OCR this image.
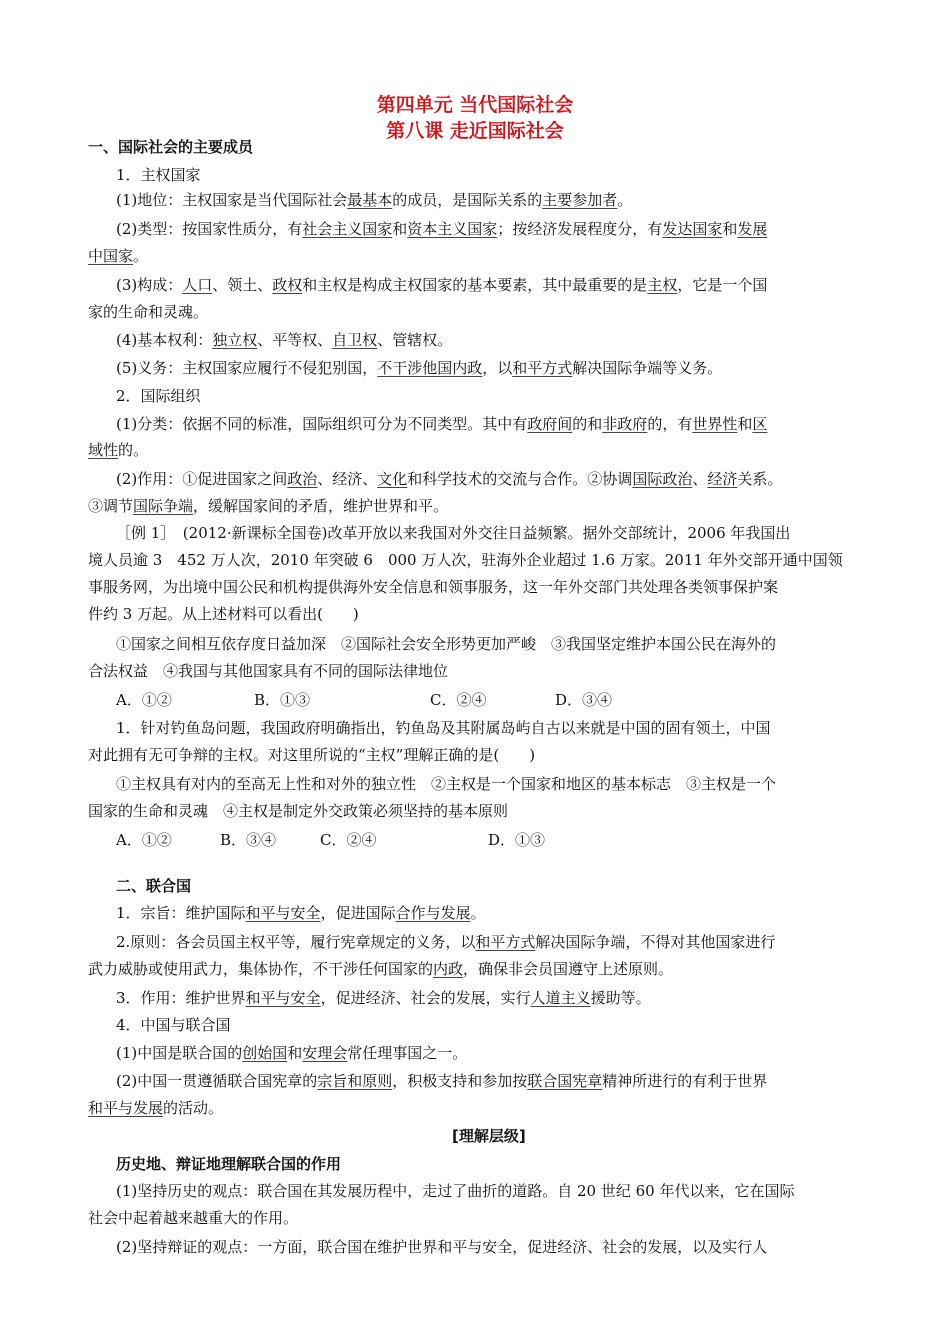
第四单元 当代国际社会
第八课 走近国际社会
一、国际社会的主要成员
1．主权国家
(1)地位：主权国家是当代国际社会最基本的成员，是国际关系的主要参加者。
(2)类型：按国家性质分，有社会主义国家和资本主义国家；按经济发展程度分，有发达国家和发展
中国家。
(3)构成：人口、领土、政权和主权是构成主权国家的基本要素，其中最重要的是主权，它是一个国
家的生命和灵魂。
(4)基本权利：独立权、平等权、自卫权、管辖权。
(5)义务：主权国家应履行不侵犯别国，不干涉他国内政，以和平方式解决国际争端等义务。
2．国际组织
(1)分类：依据不同的标准，国际组织可分为不同类型。其中有政府间的和非政府的，有世界性和区
域性的。
(2)作用：①促进国家之间政治、经济、文化和科学技术的交流与合作。②协调国际政治、经济关系。
③调节国际争端，缓解国家间的矛盾，维护世界和平。
［例 1］　(2012·新课标全国卷)改革开放以来我国对外交往日益频繁。据外交部统计，2006 年我国出
境人员逾 3　452 万人次，2010 年突破 6　000 万人次，驻海外企业超过 1.6 万家。2011 年外交部开通中国领
事服务网，为出境中国公民和机构提供海外安全信息和领事服务，这一年外交部门共处理各类领事保护案
件约 3 万起。从上述材料可以看出(　　)
①国家之间相互依存度日益加深　②国际社会安全形势更加严峻　③我国坚定维护本国公民在海外的
合法权益　④我国与其他国家具有不同的国际法律地位
A．①②	B．①③	C．②④	D．③④
1．针对钓鱼岛问题，我国政府明确指出，钓鱼岛及其附属岛屿自古以来就是中国的固有领土，中国
对此拥有无可争辩的主权。对这里所说的“主权”理解正确的是(　　)
①主权具有对内的至高无上性和对外的独立性　②主权是一个国家和地区的基本标志　③主权是一个
国家的生命和灵魂　④主权是制定外交政策必须坚持的基本原则
A．①②	B．③④	C．②④	D．①③
二、联合国
1．宗旨：维护国际和平与安全，促进国际合作与发展。
2.原则：各会员国主权平等，履行宪章规定的义务，以和平方式解决国际争端，不得对其他国家进行
武力威胁或使用武力，集体协作，不干涉任何国家的内政，确保非会员国遵守上述原则。
3．作用：维护世界和平与安全，促进经济、社会的发展，实行人道主义援助等。
4．中国与联合国
(1)中国是联合国的创始国和安理会常任理事国之一。
(2)中国一贯遵循联合国宪章的宗旨和原则，积极支持和参加按联合国宪章精神所进行的有利于世界
和平与发展的活动。
[理解层级]
历史地、辩证地理解联合国的作用
(1)坚持历史的观点：联合国在其发展历程中，走过了曲折的道路。自 20 世纪 60 年代以来，它在国际
社会中起着越来越重大的作用。
(2)坚持辩证的观点：一方面，联合国在维护世界和平与安全，促进经济、社会的发展，以及实行人
